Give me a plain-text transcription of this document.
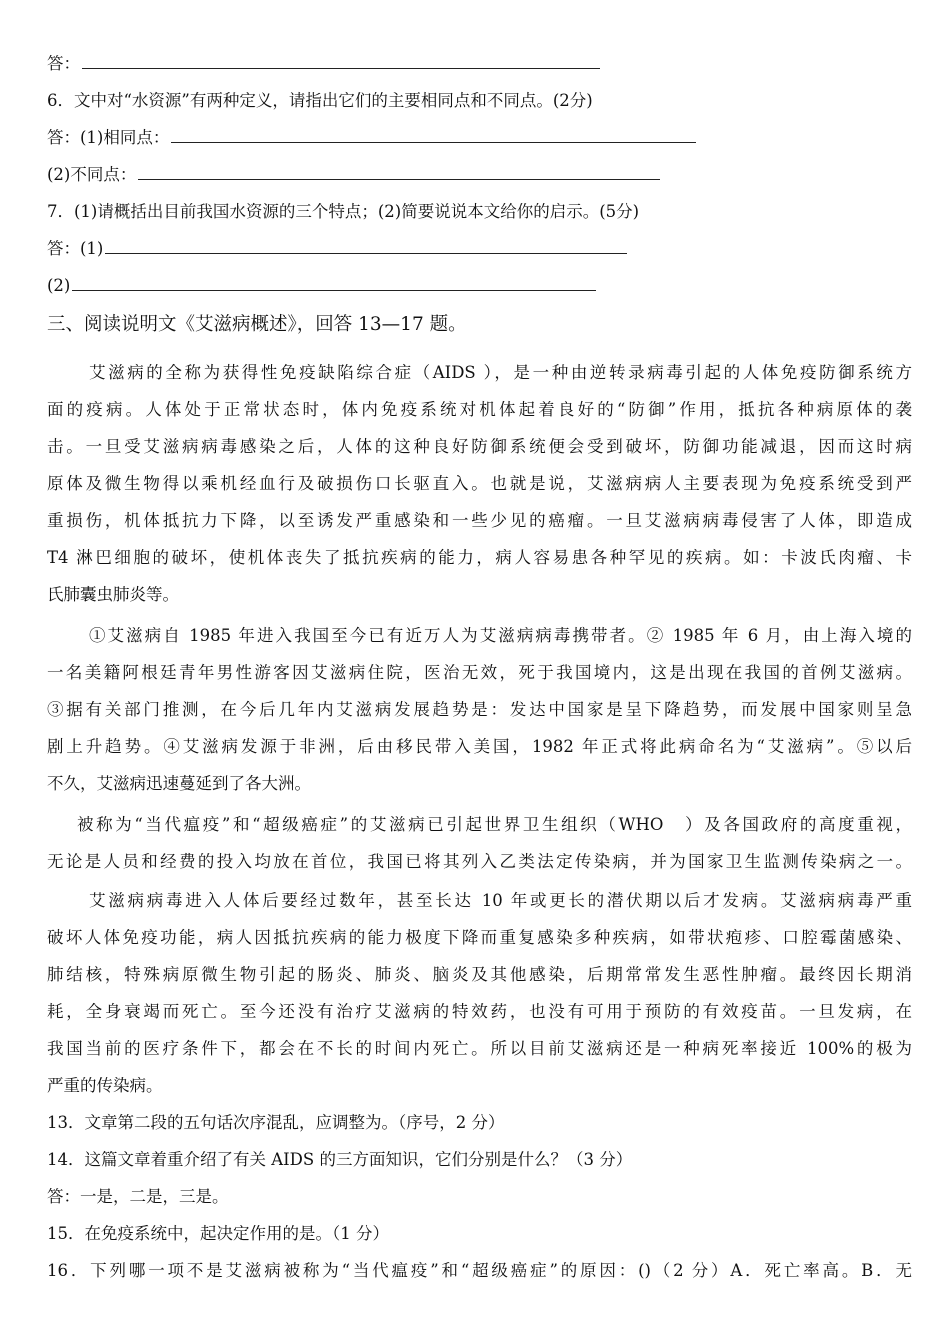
答：
6．文中对“水资源”有两种定义，请指出它们的主要相同点和不同点。(2分)
答：(1)相同点：
(2)不同点：
7．(1)请概括出目前我国水资源的三个特点；(2)简要说说本文给你的启示。(5分)
答：(1)
(2)
三、阅读说明文《艾滋病概述》，回答 13—17 题。
艾滋病的全称为获得性免疫缺陷综合症（AIDS ），是一种由逆转录病毒引起的人体免疫防御系统方
面的疫病。人体处于正常状态时，体内免疫系统对机体起着良好的“防御”作用，抵抗各种病原体的袭
击。一旦受艾滋病病毒感染之后，人体的这种良好防御系统便会受到破坏，防御功能减退，因而这时病
原体及微生物得以乘机经血行及破损伤口长驱直入。也就是说，艾滋病病人主要表现为免疫系统受到严
重损伤，机体抵抗力下降，以至诱发严重感染和一些少见的癌瘤。一旦艾滋病病毒侵害了人体，即造成
T4 淋巴细胞的破坏，使机体丧失了抵抗疾病的能力，病人容易患各种罕见的疾病。如：卡波氏肉瘤、卡
氏肺囊虫肺炎等。
①艾滋病自 1985 年进入我国至今已有近万人为艾滋病病毒携带者。② 1985 年 6 月，由上海入境的
一名美籍阿根廷青年男性游客因艾滋病住院，医治无效，死于我国境内，这是出现在我国的首例艾滋病。
③据有关部门推测，在今后几年内艾滋病发展趋势是：发达中国家是呈下降趋势，而发展中国家则呈急
剧上升趋势。④艾滋病发源于非洲，后由移民带入美国，1982 年正式将此病命名为“艾滋病”。⑤以后
不久，艾滋病迅速蔓延到了各大洲。
被称为“当代瘟疫”和“超级癌症”的艾滋病已引起世界卫生组织（WHO　）及各国政府的高度重视，
无论是人员和经费的投入均放在首位，我国已将其列入乙类法定传染病，并为国家卫生监测传染病之一。
艾滋病病毒进入人体后要经过数年，甚至长达 10 年或更长的潜伏期以后才发病。艾滋病病毒严重
破坏人体免疫功能，病人因抵抗疾病的能力极度下降而重复感染多种疾病，如带状疱疹、口腔霉菌感染、
肺结核，特殊病原微生物引起的肠炎、肺炎、脑炎及其他感染，后期常常发生恶性肿瘤。最终因长期消
耗，全身衰竭而死亡。至今还没有治疗艾滋病的特效药，也没有可用于预防的有效疫苗。一旦发病，在
我国当前的医疗条件下，都会在不长的时间内死亡。所以目前艾滋病还是一种病死率接近 100%的极为
严重的传染病。
13．文章第二段的五句话次序混乱，应调整为。（序号，2 分）
14．这篇文章着重介绍了有关 AIDS 的三方面知识，它们分别是什么？（3 分）
答：一是，二是，三是。
15．在免疫系统中，起决定作用的是。（1 分）
16．下列哪一项不是艾滋病被称为“当代瘟疫”和“超级癌症”的原因：()（2 分）A．死亡率高。B．无
